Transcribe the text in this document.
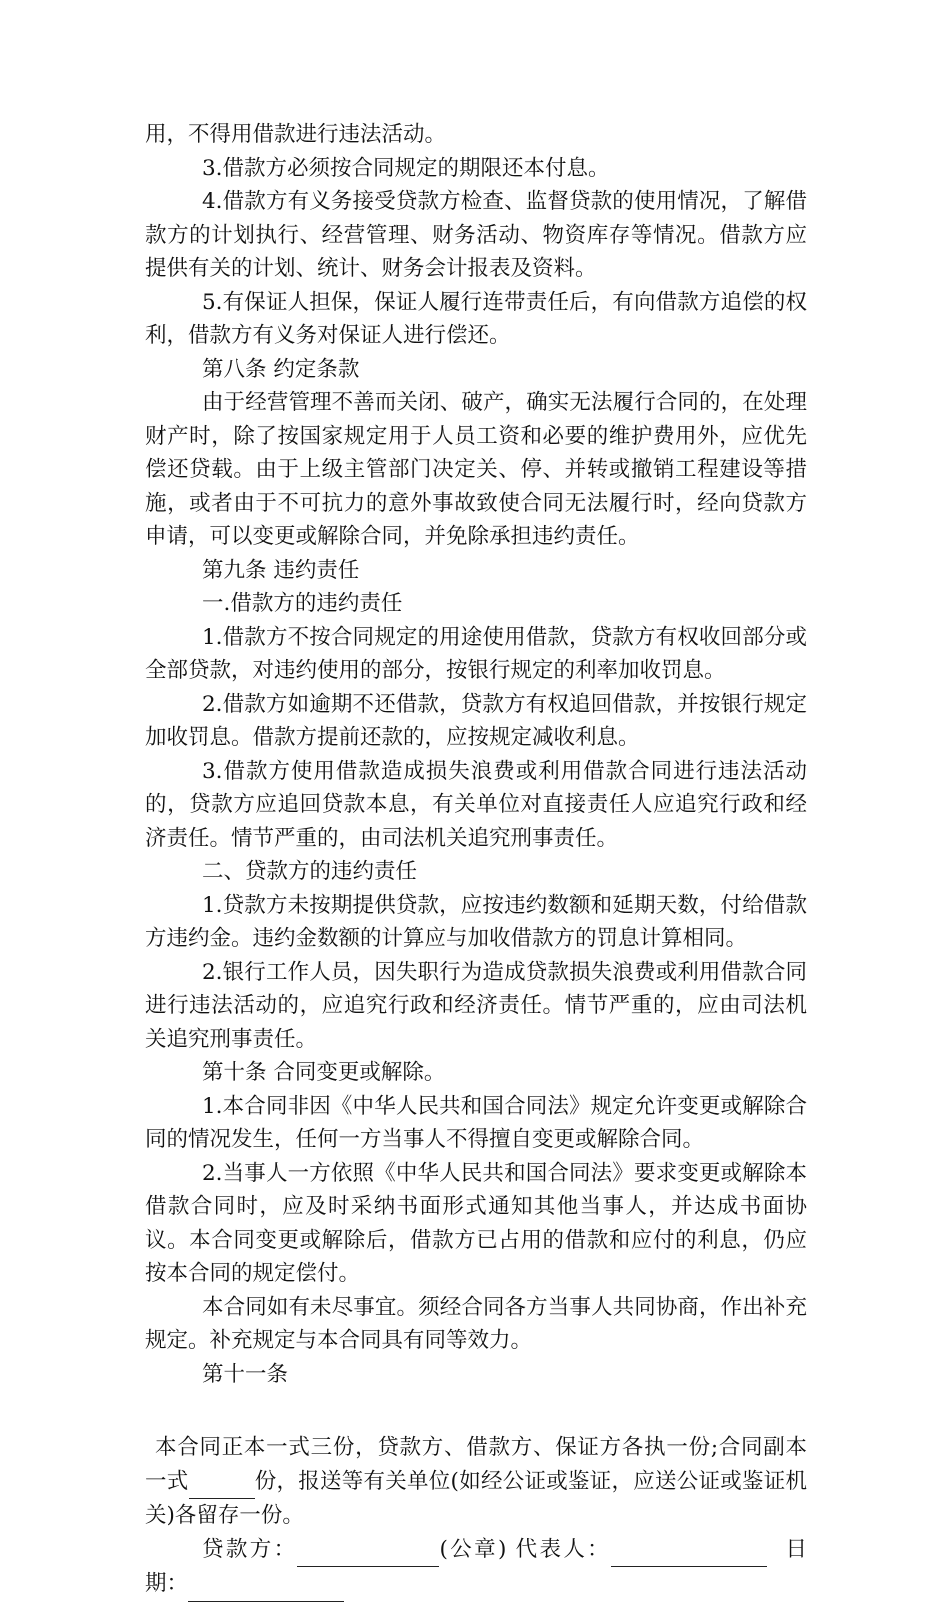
用，不得用借款进行违法活动。

3.借款方必须按合同规定的期限还本付息。

4.借款方有义务接受贷款方检查、监督贷款的使用情况，了解借款方的计划执行、经营管理、财务活动、物资库存等情况。借款方应提供有关的计划、统计、财务会计报表及资料。

5.有保证人担保，保证人履行连带责任后，有向借款方追偿的权利，借款方有义务对保证人进行偿还。

第八条 约定条款

由于经营管理不善而关闭、破产，确实无法履行合同的，在处理财产时，除了按国家规定用于人员工资和必要的维护费用外，应优先偿还贷载。由于上级主管部门决定关、停、并转或撤销工程建设等措施，或者由于不可抗力的意外事故致使合同无法履行时，经向贷款方申请，可以变更或解除合同，并免除承担违约责任。

第九条 违约责任

一.借款方的违约责任

1.借款方不按合同规定的用途使用借款，贷款方有权收回部分或全部贷款，对违约使用的部分，按银行规定的利率加收罚息。

2.借款方如逾期不还借款，贷款方有权追回借款，并按银行规定加收罚息。借款方提前还款的，应按规定减收利息。

3.借款方使用借款造成损失浪费或利用借款合同进行违法活动的，贷款方应追回贷款本息，有关单位对直接责任人应追究行政和经济责任。情节严重的，由司法机关追究刑事责任。

二、贷款方的违约责任

1.贷款方未按期提供贷款，应按违约数额和延期天数，付给借款方违约金。违约金数额的计算应与加收借款方的罚息计算相同。

2.银行工作人员，因失职行为造成贷款损失浪费或利用借款合同进行违法活动的，应追究行政和经济责任。情节严重的，应由司法机关追究刑事责任。

第十条 合同变更或解除。

1.本合同非因《中华人民共和国合同法》规定允许变更或解除合同的情况发生，任何一方当事人不得擅自变更或解除合同。

2.当事人一方依照《中华人民共和国合同法》要求变更或解除本借款合同时，应及时采纳书面形式通知其他当事人，并达成书面协议。本合同变更或解除后，借款方已占用的借款和应付的利息，仍应按本合同的规定偿付。

本合同如有未尽事宜。须经合同各方当事人共同协商，作出补充规定。补充规定与本合同具有同等效力。

第十一条

本合同正本一式三份，贷款方、借款方、保证方各执一份;合同副本一式	份，报送等有关单位(如经公证或鉴证，应送公证或鉴证机关)各留存一份。

贷款方：	(公章) 代表人：	日期：
